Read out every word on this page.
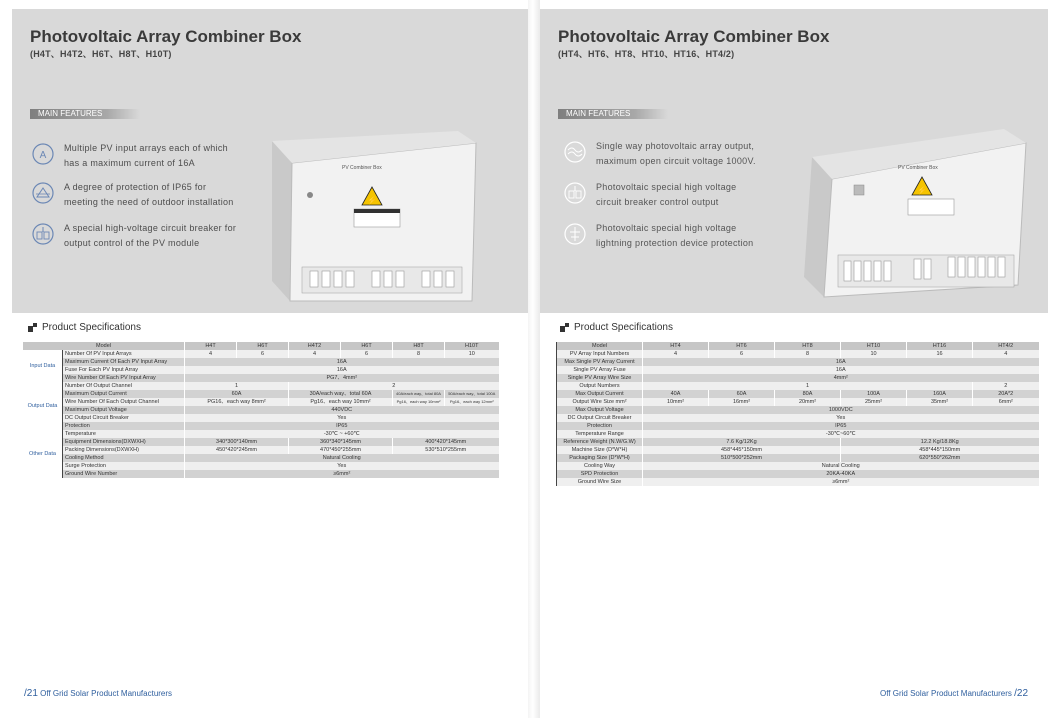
Photovoltaic Array Combiner Box
(H4T、H4T2、H6T、H8T、H10T)
MAIN FEATURES
A
Multiple PV input arrays each of which
has a maximum current of 16A
A degree of protection of IP65 for
meeting the need of outdoor installation
A special high-voltage circuit breaker for
output control of the PV module
PV Combiner Box
⚡
Product Specifications
Model		H4T	H6T	H4T2	H6T	H8T	H10T
Input Data	Number Of PV Input Arrays	4	6	4	6	8	10
	Maximum Current Of Each PV Input Array	16A					
	Fuse For Each PV Input Array	16A					
	Wire Number Of Each PV Input Array	PG7、4mm²					
Output Data	Number Of Output Channel	1		2			
	Maximum Output Current	60A		30A/each way、total 60A		40A/each way、total 80A	50A/each way、total 100A
	Wire Number Of Each Output Channel	PG16、each way 8mm²		Pg16、each way 10mm²		Pg16、each way 10mm²	Pg16、each way 12mm²
	Maximum Output Voltage	440VDC					
	DC Output Circuit Breaker	Yes					
	Protection	IP65					
Other Data	Temperature	-30℃ ~ +60℃					
	Equipment Dimensions(DXWXH)	340*300*140mm		360*340*145mm		400*420*145mm	
	Packing Dimensions(DXWXH)	450*420*245mm		470*450*255mm		530*510*255mm	
	Cooling Method	Natural Cooling					
	Surge Protection	Yes					
	Ground Wire Number	≥6mm²					
/21 Off Grid Solar Product Manufacturers
Photovoltaic Array Combiner Box
(HT4、HT6、HT8、HT10、HT16、HT4/2)
MAIN FEATURES
Single way photovoltaic array output,
maximum open circuit voltage 1000V.
Photovoltaic special high voltage
circuit breaker control output
Photovoltaic special high voltage
lightning protection device protection
PV Combiner Box
⚡
Product Specifications
Model	HT4	HT6	HT8	HT10	HT16	HT4/2
PV Array Input Numbers	4	6	8	10	16	4
Max Single PV Array Current	16A					
Single PV Array Fuse	16A					
Single PV Array Wire Size	4mm²					
Output Numbers	1					2
Max Output Current	40A	60A	80A	100A	160A	20A*2
Output Wire Size mm²	10mm²	16mm²	20mm²	25mm²	35mm²	6mm²
Max Output Voltage	1000VDC					
DC Output Circuit Breaker	Yes					
Protection	IP65					
Temperature Range	-30℃~60℃					
Reference Weight (N.W/G.W)	7.6 Kg/12Kg			12.2 Kg/18.8Kg		
Machine Size (D*W*H)	458*445*150mm			458*445*150mm		
Packaging Size (D*W*H)	510*500*252mm			620*550*262mm		
Cooling Way	Natural Cooling					
SPD Protection	20KA-40KA					
Ground Wire Size	≥6mm²					
Off Grid Solar Product Manufacturers /22
